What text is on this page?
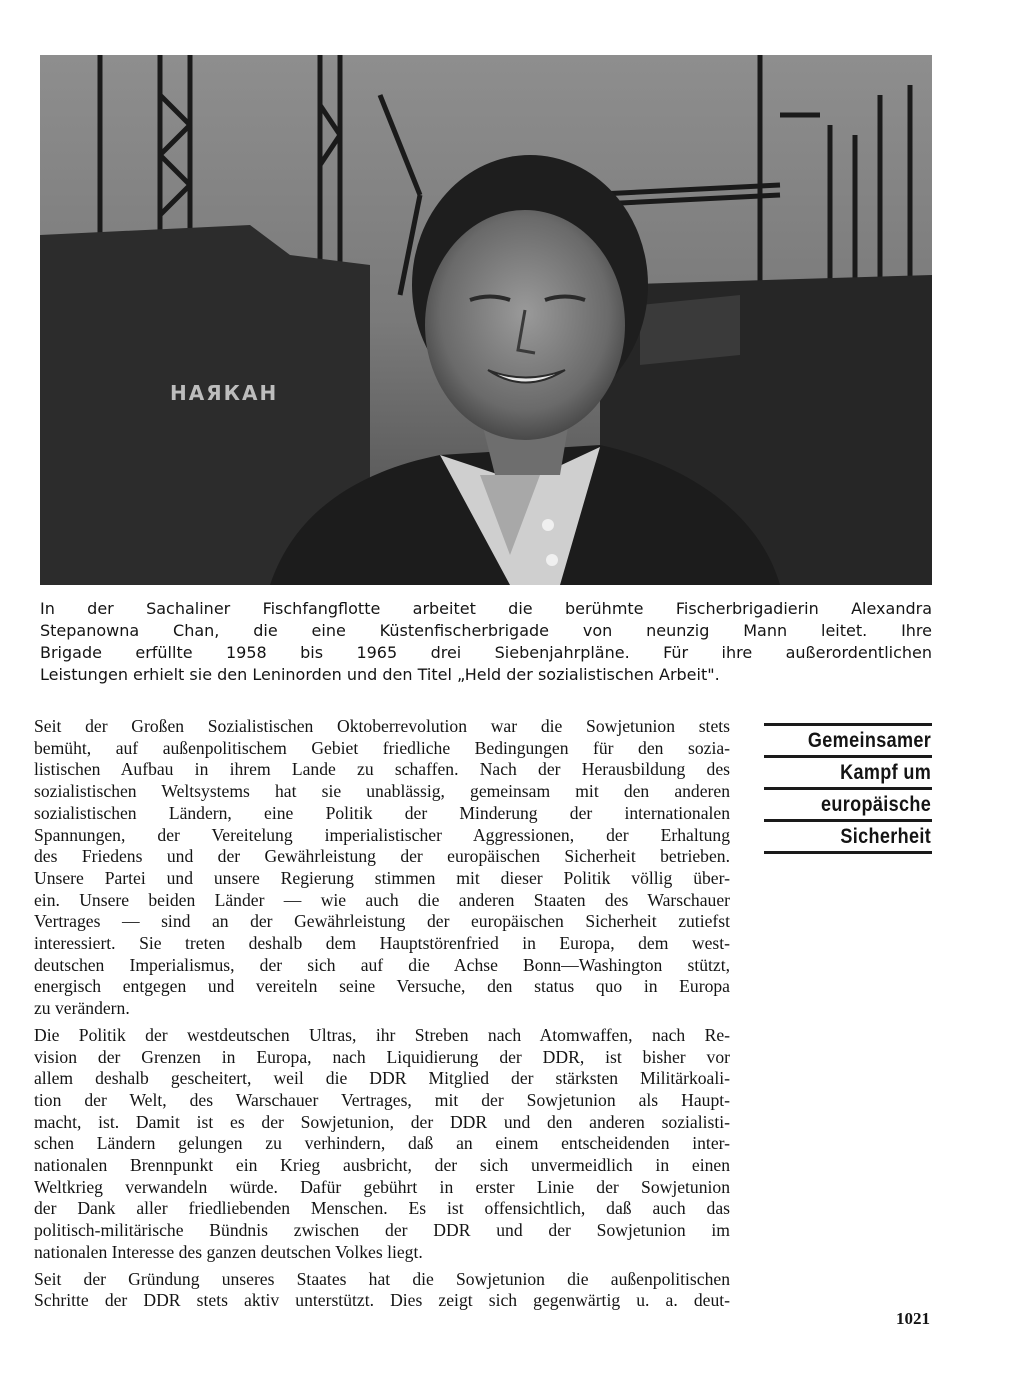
НАЯКАН

In der Sachaliner Fischfangflotte arbeitet die berühmte Fischerbrigadierin Alexandra
Stepanowna Chan, die eine Küstenfischerbrigade von neunzig Mann leitet. Ihre
Brigade erfüllte 1958 bis 1965 drei Siebenjahrpläne. Für ihre außerordentlichen
Leistungen erhielt sie den Leninorden und den Titel „Held der sozialistischen Arbeit".

Seit der Großen Sozialistischen Oktoberrevolution war die Sowjetunion stets
bemüht, auf außenpolitischem Gebiet friedliche Bedingungen für den sozia-
listischen Aufbau in ihrem Lande zu schaffen. Nach der Herausbildung des
sozialistischen Weltsystems hat sie unablässig, gemeinsam mit den anderen
sozialistischen Ländern, eine Politik der Minderung der internationalen
Spannungen, der Vereitelung imperialistischer Aggressionen, der Erhaltung
des Friedens und der Gewährleistung der europäischen Sicherheit betrieben.
Unsere Partei und unsere Regierung stimmen mit dieser Politik völlig über-
ein. Unsere beiden Länder — wie auch die anderen Staaten des Warschauer
Vertrages — sind an der Gewährleistung der europäischen Sicherheit zutiefst
interessiert. Sie treten deshalb dem Hauptstörenfried in Europa, dem west-
deutschen Imperialismus, der sich auf die Achse Bonn—Washington stützt,
energisch entgegen und vereiteln seine Versuche, den status quo in Europa
zu verändern.

Die Politik der westdeutschen Ultras, ihr Streben nach Atomwaffen, nach Re-
vision der Grenzen in Europa, nach Liquidierung der DDR, ist bisher vor
allem deshalb gescheitert, weil die DDR Mitglied der stärksten Militärkoali-
tion der Welt, des Warschauer Vertrages, mit der Sowjetunion als Haupt-
macht, ist. Damit ist es der Sowjetunion, der DDR und den anderen sozialisti-
schen Ländern gelungen zu verhindern, daß an einem entscheidenden inter-
nationalen Brennpunkt ein Krieg ausbricht, der sich unvermeidlich in einen
Weltkrieg verwandeln würde. Dafür gebührt in erster Linie der Sowjetunion
der Dank aller friedliebenden Menschen. Es ist offensichtlich, daß auch das
politisch-militärische Bündnis zwischen der DDR und der Sowjetunion im
nationalen Interesse des ganzen deutschen Volkes liegt.

Seit der Gründung unseres Staates hat die Sowjetunion die außenpolitischen
Schritte der DDR stets aktiv unterstützt. Dies zeigt sich gegenwärtig u. a. deut-

Gemeinsamer
Kampf um
europäische
Sicherheit
1021
